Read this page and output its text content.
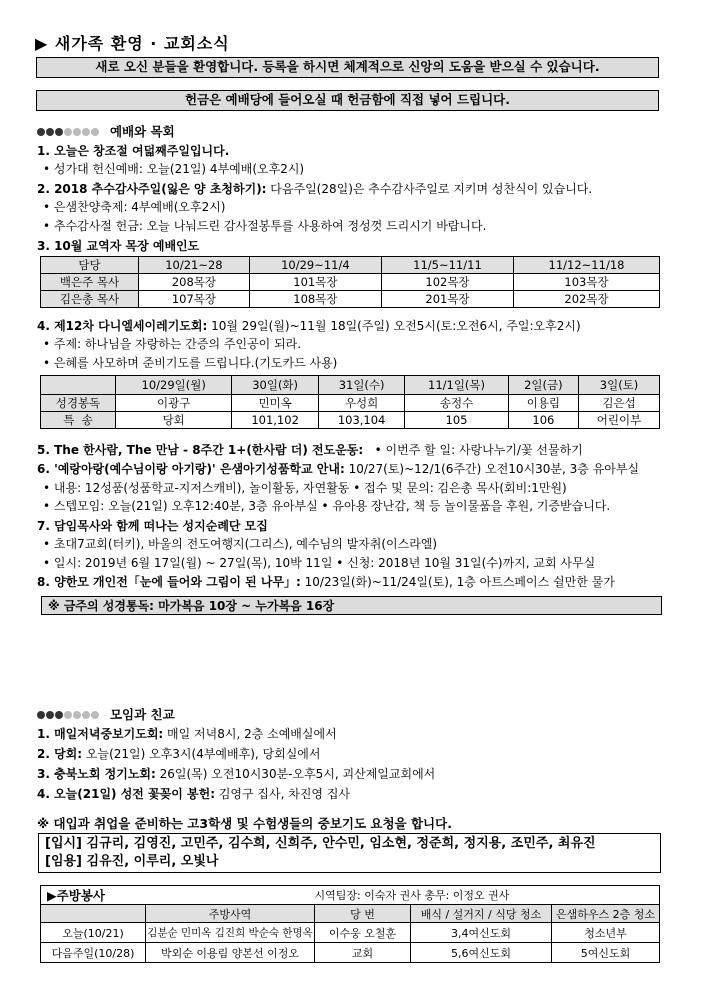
▶ 새가족 환영 · 교회소식
새로 오신 분들을 환영합니다. 등록을 하시면 체계적으로 신앙의 도움을 받으실 수 있습니다.
헌금은 예배당에 들어오실 때 헌금함에 직접 넣어 드립니다.
예배와 목회
1. 오늘은 창조절 여덟째주일입니다.
• 성가대 헌신예배: 오늘(21일) 4부예배(오후2시)
2. 2018 추수감사주일(잃은 양 초청하기): 다음주일(28일)은 추수감사주일로 지키며 성찬식이 있습니다.
• 은샘찬양축제: 4부예배(오후2시)
• 추수감사절 헌금: 오늘 나눠드린 감사절봉투를 사용하여 정성껏 드리시기 바랍니다.
3. 10월 교역자 목장 예배인도
담당	10/21~28	10/29~11/4	11/5~11/11	11/12~11/18
백은주 목사	208목장	101목장	102목장	103목장
김은총 목사	107목장	108목장	201목장	202목장
4. 제12차 다니엘세이레기도회: 10월 29일(월)~11월 18일(주일) 오전5시(토:오전6시, 주일:오후2시)
• 주제: 하나님을 자랑하는 간증의 주인공이 되라.
• 은혜를 사모하며 준비기도를 드립니다.(기도카드 사용)
	10/29일(월)	30일(화)	31일(수)	11/1일(목)	2일(금)	3일(토)
성경봉독	이광구	민미옥	우성희	송정수	이용림	김은섭
특  송	당회	101,102	103,104	105	106	어린이부
5. The 한사람, The 만남 - 8주간 1+(한사람 더) 전도운동:   • 이번주 할 일: 사랑나누기/꽃 선물하기
6. '예랑아랑(예수님이랑 아기랑)' 은샘아기성품학교 안내: 10/27(토)~12/1(6주간) 오전10시30분, 3층 유아부실
• 내용: 12성품(성품학교-지저스캐비), 놀이활동, 자연활동 • 접수 및 문의: 김은총 목사(회비:1만원)
• 스텝모임: 오늘(21일) 오후12:40분, 3층 유아부실 • 유아용 장난감, 책 등 놀이물품을 후원, 기증받습니다.
7. 담임목사와 함께 떠나는 성지순례단 모집
• 초대7교회(터키), 바울의 전도여행지(그리스), 예수님의 발자취(이스라엘)
• 일시: 2019년 6월 17일(월) ~ 27일(목), 10박 11일 • 신청: 2018년 10월 31일(수)까지, 교회 사무실
8. 양한모 개인전「눈에 들어와 그림이 된 나무」: 10/23일(화)~11/24일(토), 1층 아트스페이스 쉴만한 물가
※ 금주의 성경통독: 마가복음 10장 ~ 누가복음 16장
모임과 친교
1. 매일저녁중보기도회: 매일 저녁8시, 2층 소예배실에서
2. 당회: 오늘(21일) 오후3시(4부예배후), 당회실에서
3. 충북노회 정기노회: 26일(목) 오전10시30분-오후5시, 괴산제일교회에서
4. 오늘(21일) 성전 꽃꽂이 봉헌: 김영구 집사, 차진영 집사
※ 대입과 취업을 준비하는 고3학생 및 수험생들의 중보기도 요청을 합니다.
[입시] 김규리, 김영진, 고민주, 김수희, 신희주, 안수민, 임소현, 정준희, 정지용, 조민주, 최유진
[임용] 김유진, 이루리, 오빛나
▶주방봉사		시역팀장: 이숙자 권사 총무: 이정오 권사		
	주방사역	당 번	배식 / 설거지 / 식당 청소	은샘하우스 2층 청소
오늘(10/21)	김분순 민미옥 김진희 박순숙 한명옥	이수웅 오철훈	3,4여신도회	청소년부
다음주일(10/28)	박외순 이용림 양본선 이정오	교회	5,6여신도회	5여신도회
